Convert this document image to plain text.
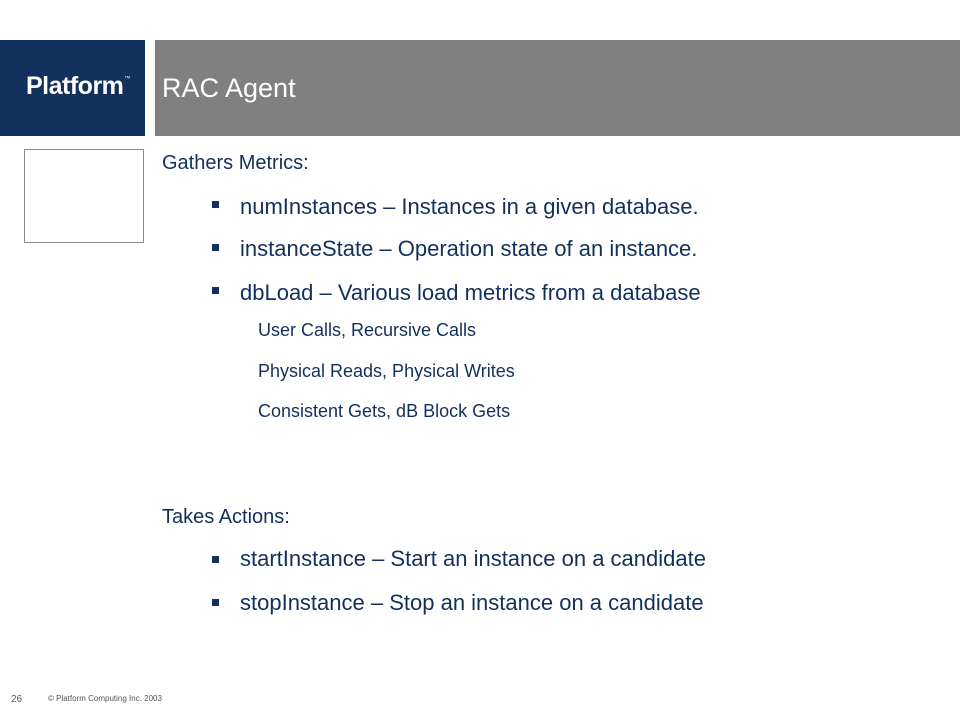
Platform™ RAC Agent
Gathers Metrics:
numInstances – Instances in a given database.
instanceState – Operation state of an instance.
dbLoad – Various load metrics from a database
User Calls, Recursive Calls
Physical Reads, Physical Writes
Consistent Gets, dB Block Gets
Takes Actions:
startInstance – Start an instance on a candidate
stopInstance – Stop an instance on a candidate
26	© Platform Computing Inc. 2003
